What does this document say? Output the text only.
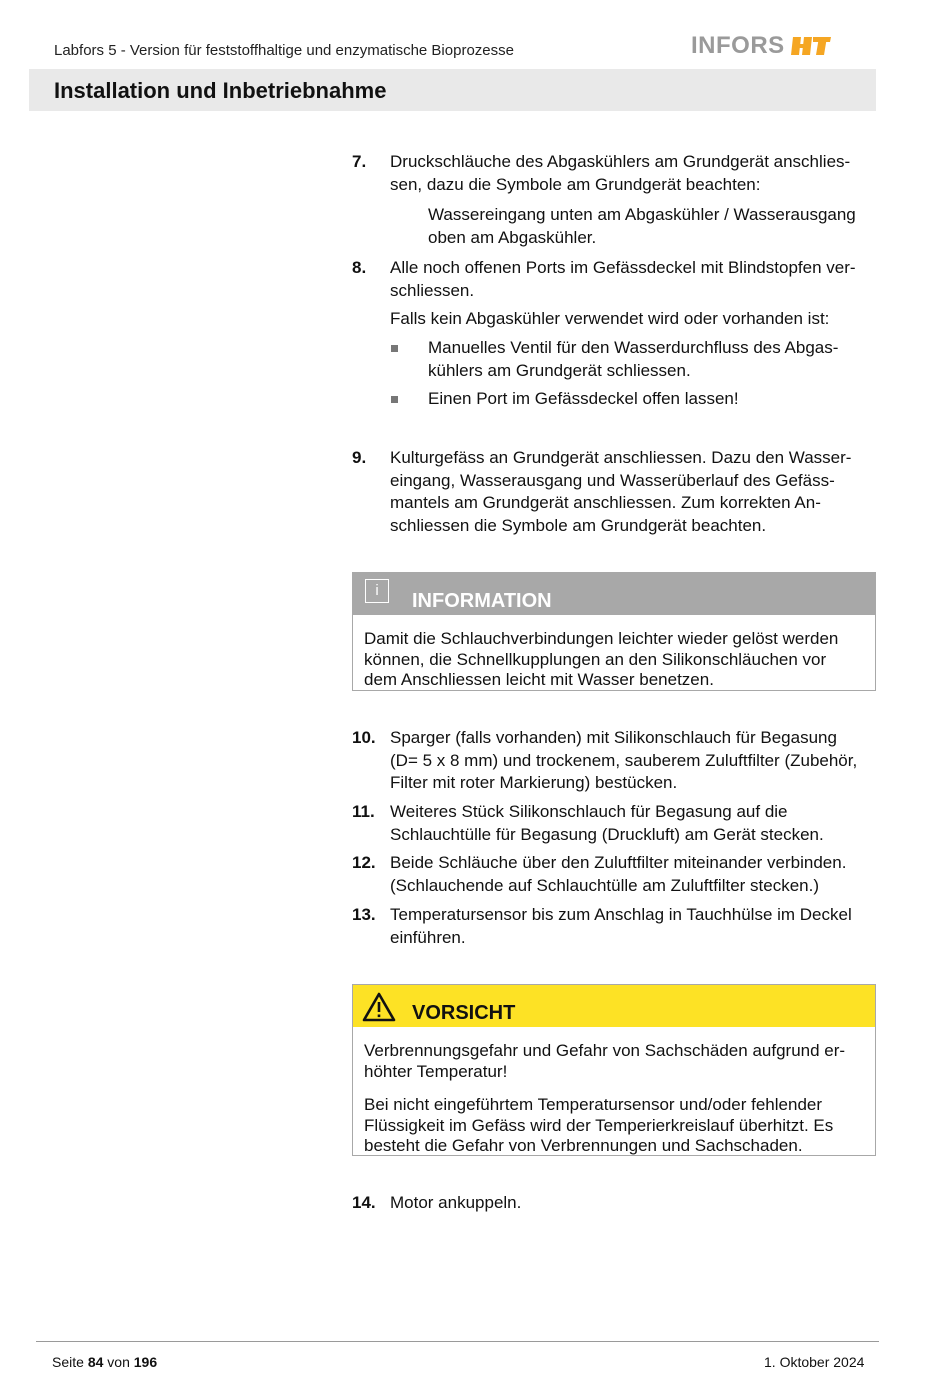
Labfors 5 - Version für feststoffhaltige und enzymatische Bioprozesse	INFORS
Installation und Inbetriebnahme
7. Druckschläuche des Abgaskühlers am Grundgerät anschlies-
sen, dazu die Symbole am Grundgerät beachten:
Wassereingang unten am Abgaskühler / Wasserausgang
oben am Abgaskühler.
8. Alle noch offenen Ports im Gefässdeckel mit Blindstopfen ver-
schliessen.
Falls kein Abgaskühler verwendet wird oder vorhanden ist:
Manuelles Ventil für den Wasserdurchfluss des Abgas-
kühlers am Grundgerät schliessen.
Einen Port im Gefässdeckel offen lassen!
9. Kulturgefäss an Grundgerät anschliessen. Dazu den Wasser-
eingang, Wasserausgang und Wasserüberlauf des Gefäss-
mantels am Grundgerät anschliessen. Zum korrekten An-
schliessen die Symbole am Grundgerät beachten.
i	INFORMATION
Damit die Schlauchverbindungen leichter wieder gelöst werden
können, die Schnellkupplungen an den Silikonschläuchen vor
dem Anschliessen leicht mit Wasser benetzen.
10. Sparger (falls vorhanden) mit Silikonschlauch für Begasung
(D= 5 x 8 mm) und trockenem, sauberem Zuluftfilter (Zubehör,
Filter mit roter Markierung) bestücken.
11. Weiteres Stück Silikonschlauch für Begasung auf die
Schlauchtülle für Begasung (Druckluft) am Gerät stecken.
12. Beide Schläuche über den Zuluftfilter miteinander verbinden.
(Schlauchende auf Schlauchtülle am Zuluftfilter stecken.)
13. Temperatursensor bis zum Anschlag in Tauchhülse im Deckel
einführen.
VORSICHT
Verbrennungsgefahr und Gefahr von Sachschäden aufgrund er-
höhter Temperatur!
Bei nicht eingeführtem Temperatursensor und/oder fehlender
Flüssigkeit im Gefäss wird der Temperierkreislauf überhitzt. Es
besteht die Gefahr von Verbrennungen und Sachschaden.
14. Motor ankuppeln.
Seite 84 von 196	1. Oktober 2024
